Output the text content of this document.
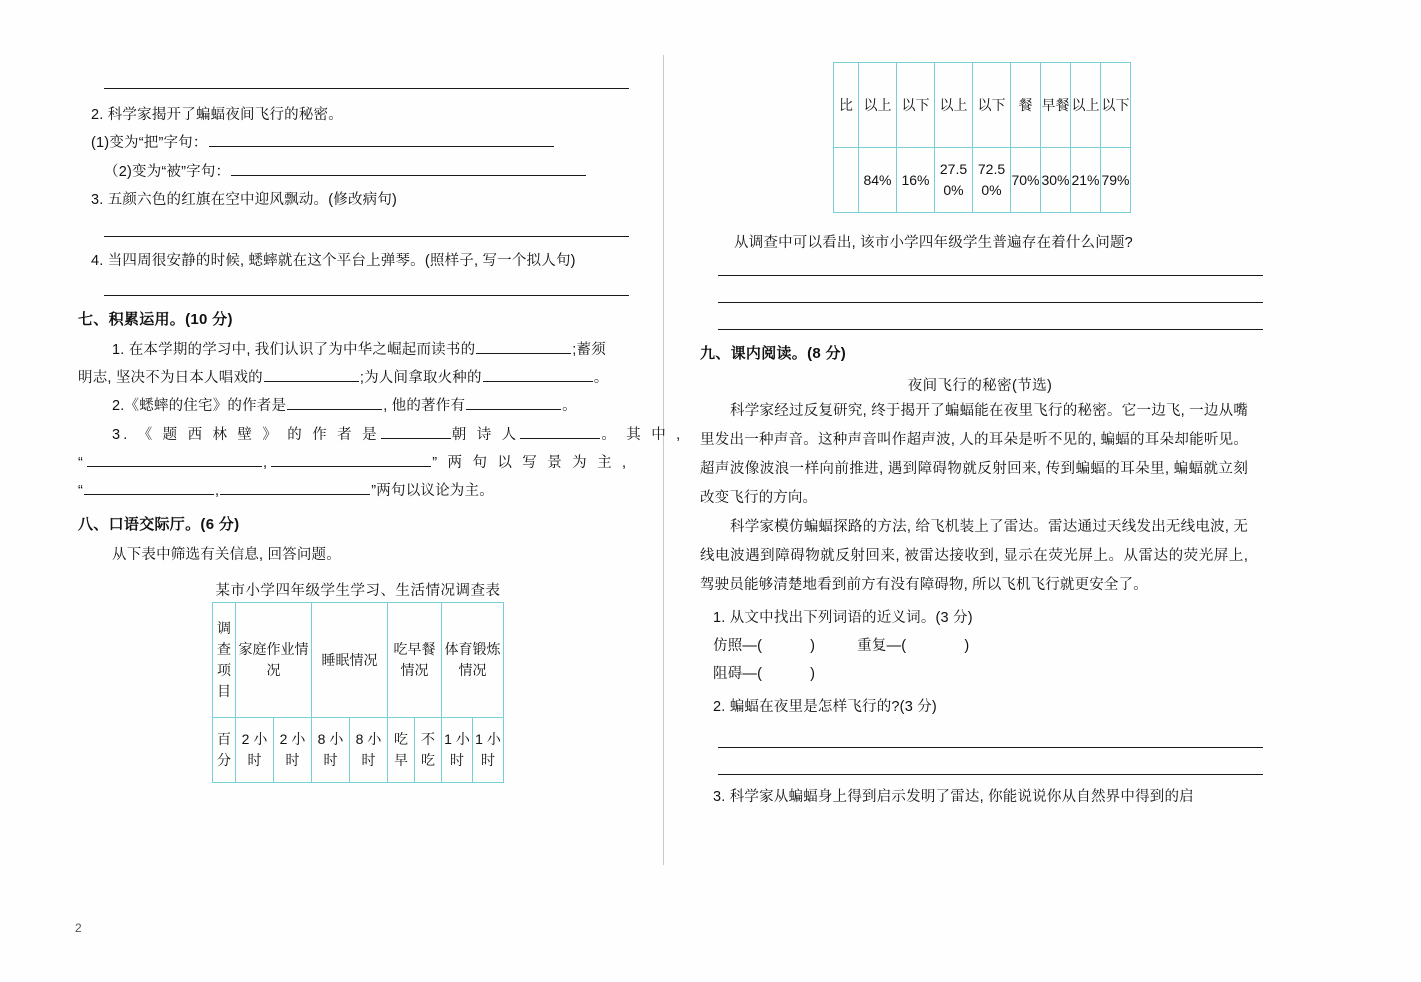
2. 科学家揭开了蝙蝠夜间飞行的秘密。
(1)变为“把”字句：
（2)变为“被”字句：
3. 五颜六色的红旗在空中迎风飘动。(修改病句)
4. 当四周很安静的时候, 蟋蟀就在这个平台上弹琴。(照样子, 写一个拟人句)
七、积累运用。(10 分)
1. 在本学期的学习中, 我们认识了为中华之崛起而读书的	;蓄须
明志, 坚决不为日本人唱戏的	;为人间拿取火种的	。
2.《蟋蟀的住宅》的作者是	, 他的著作有	。
3. 《 题 西 林 壁 》 的 作 者 是	朝 诗 人	。 其 中 ,
“	,	” 两 句 以 写 景 为 主 ,
“	,	”两句以议论为主。
八、口语交际厅。(6 分)
从下表中筛选有关信息, 回答问题。
某市小学四年级学生学习、生活情况调查表
调查项目	家庭作业情况		睡眠情况		吃早餐情况		体育锻炼情况	
百分	2 小时	2 小时	8 小时	8 小时	吃早	不吃	1 小时	1 小时
比	以上	以下	以上	以下	餐	早餐	以上	以下
	84%	16%	27.50%	72.50%	70%	30%	21%	79%
从调查中可以看出, 该市小学四年级学生普遍存在着什么问题?
九、课内阅读。(8 分)
夜间飞行的秘密(节选)
科学家经过反复研究, 终于揭开了蝙蝠能在夜里飞行的秘密。它一边飞, 一边从嘴里发出一种声音。这种声音叫作超声波, 人的耳朵是听不见的, 蝙蝠的耳朵却能听见。超声波像波浪一样向前推进, 遇到障碍物就反射回来, 传到蝙蝠的耳朵里, 蝙蝠就立刻改变飞行的方向。
科学家模仿蝙蝠探路的方法, 给飞机装上了雷达。雷达通过天线发出无线电波, 无线电波遇到障碍物就反射回来, 被雷达接收到, 显示在荧光屏上。从雷达的荧光屏上, 驾驶员能够清楚地看到前方有没有障碍物, 所以飞机飞行就更安全了。
1. 从文中找出下列词语的近义词。(3 分)
仿照—(	)	重复—(	)
阻碍—(	)
2. 蝙蝠在夜里是怎样飞行的?(3 分)
3. 科学家从蝙蝠身上得到启示发明了雷达, 你能说说你从自然界中得到的启
2
